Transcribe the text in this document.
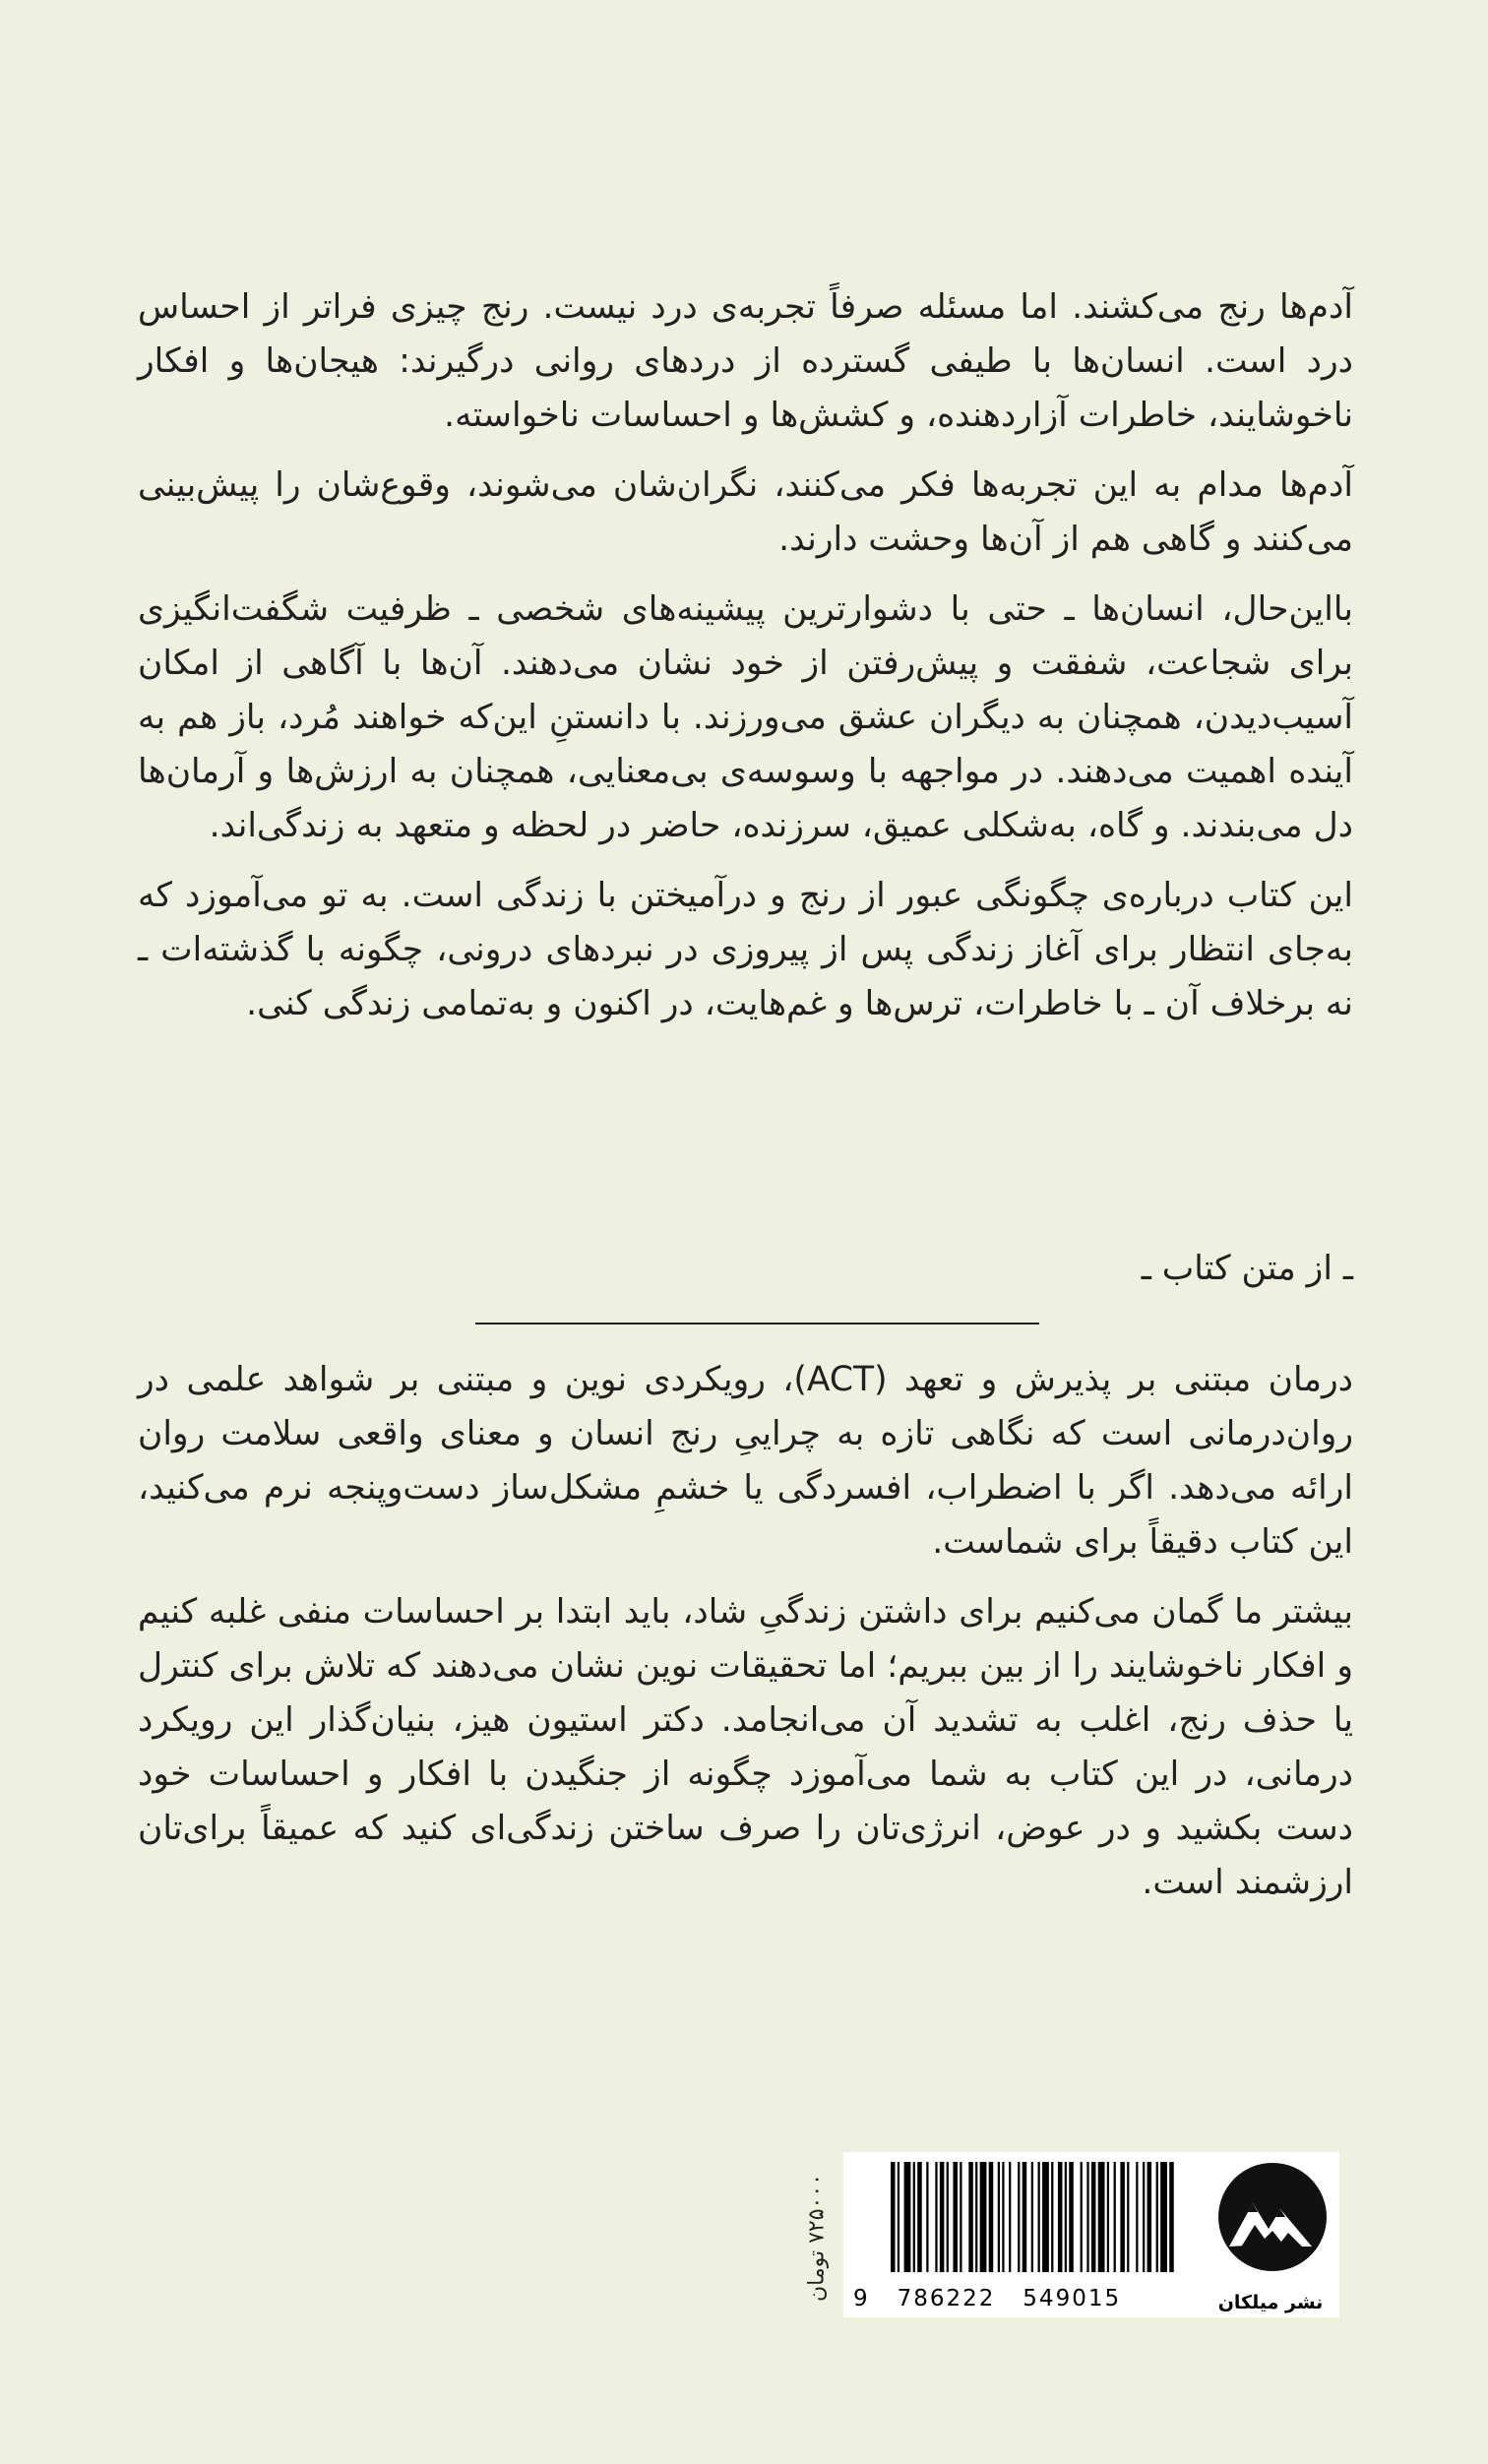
آدم‌ها رنج می‌کشند. اما مسئله صرفاً تجربه‌ی درد نیست. رنج چیزی فراتر از احساس درد است. انسان‌ها با طیفی گسترده از دردهای روانی درگیرند: هیجان‌ها و افکار ناخوشایند، خاطرات آزاردهنده، و کشش‌ها و احساسات ناخواسته.

آدم‌ها مدام به این تجربه‌ها فکر می‌کنند، نگران‌شان می‌شوند، وقوع‌شان را پیش‌بینی می‌کنند و گاهی هم از آن‌ها وحشت دارند.

بااین‌حال، انسان‌ها ـ حتی با دشوارترین پیشینه‌های شخصی ـ ظرفیت شگفت‌انگیزی برای شجاعت، شفقت و پیش‌رفتن از خود نشان می‌دهند. آن‌ها با آگاهی از امکان آسیب‌دیدن، همچنان به دیگران عشق می‌ورزند. با دانستنِ این‌که خواهند مُرد، باز هم به آینده اهمیت می‌دهند. در مواجهه با وسوسه‌ی بی‌معنایی، همچنان به ارزش‌ها و آرمان‌ها دل می‌بندند. و گاه، به‌شکلی عمیق، سرزنده، حاضر در لحظه و متعهد به زندگی‌اند.

این کتاب درباره‌ی چگونگی عبور از رنج و درآمیختن با زندگی است. به تو می‌آموزد که به‌جای انتظار برای آغاز زندگی پس از پیروزی در نبردهای درونی، چگونه با گذشته‌ات ـ نه برخلاف آن ـ با خاطرات، ترس‌ها و غم‌هایت، در اکنون و به‌تمامی زندگی کنی.

ـ از متن کتاب ـ

درمان مبتنی بر پذیرش و تعهد (ACT)، رویکردی نوین و مبتنی بر شواهد علمی در روان‌درمانی است که نگاهی تازه به چراییِ رنج انسان و معنای واقعی سلامت روان ارائه می‌دهد. اگر با اضطراب، افسردگی یا خشمِ مشکل‌ساز دست‌وپنجه نرم می‌کنید، این کتاب دقیقاً برای شماست.

بیشتر ما گمان می‌کنیم برای داشتن زندگیِ شاد، باید ابتدا بر احساسات منفی غلبه کنیم و افکار ناخوشایند را از بین ببریم؛ اما تحقیقات نوین نشان می‌دهند که تلاش برای کنترل یا حذف رنج، اغلب به تشدید آن می‌انجامد. دکتر استیون هیز، بنیان‌گذار این رویکرد درمانی، در این کتاب به شما می‌آموزد چگونه از جنگیدن با افکار و احساسات خود دست بکشید و در عوض، انرژی‌تان را صرف ساختن زندگی‌ای کنید که عمیقاً برای‌تان ارزشمند است.

۷۲۵۰۰۰ تومان
9   786222   549015	نشر میلکان
